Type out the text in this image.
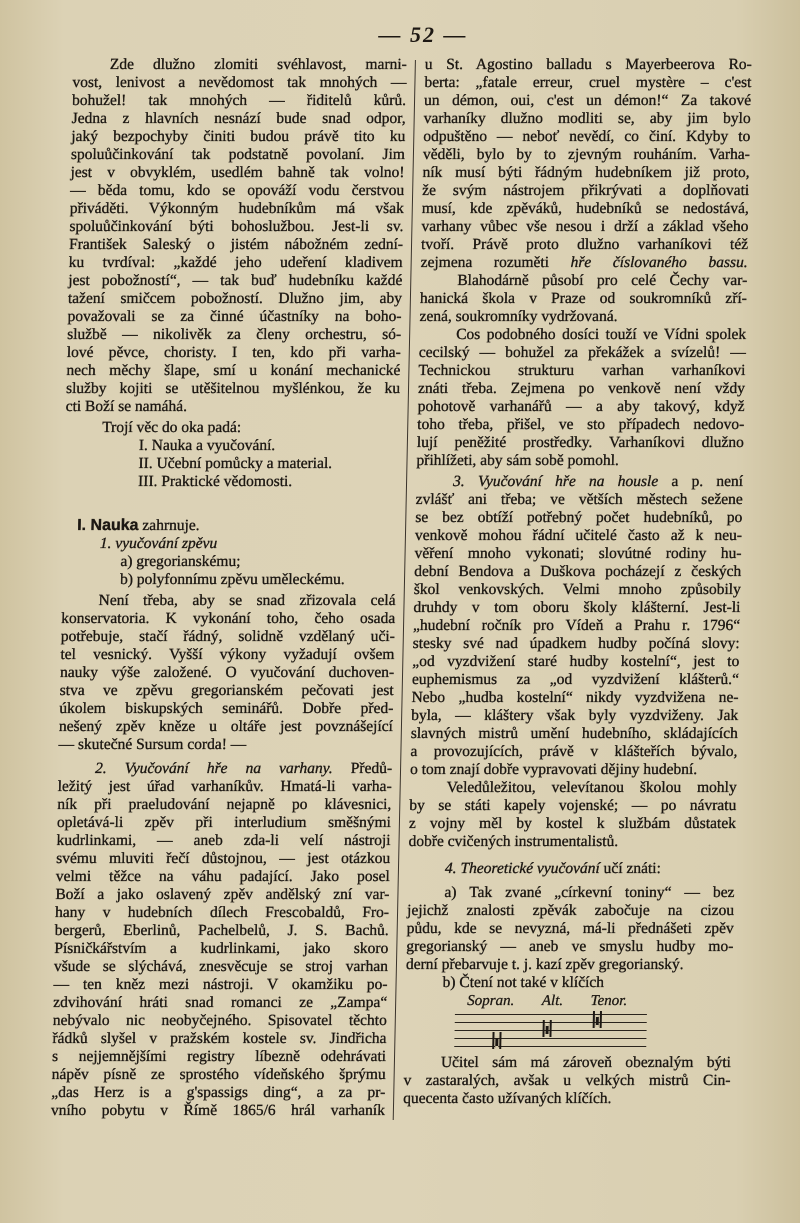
— 52 —
Zde dlužno zlomiti svéhlavost, marni-
vost, lenivost a nevědomost tak mnohých —
bohužel! tak mnohých — řiditelů kůrů.
Jedna z hlavních nesnází bude snad odpor,
jaký bezpochyby činiti budou právě tito ku
spoluůčinkování tak podstatně povolaní. Jim
jest v obvyklém, usedlém bahně tak volno!
— běda tomu, kdo se opováží vodu čerstvou
přiváděti. Výkonným hudebníkům má však
spoluůčinkování býti bohoslužbou. Jest-li sv.
František Saleský o jistém nábožném zední-
ku tvrdíval: „každé jeho udeření kladivem
jest pobožností“, — tak buď hudebníku každé
tažení smičcem pobožností. Dlužno jim, aby
považovali se za činné účastníky na boho-
službě — nikolivěk za členy orchestru, só-
lové pěvce, choristy. I ten, kdo při varha-
nech měchy šlape, smí u konání mechanické
služby kojiti se utěšitelnou myšlénkou, že ku
cti Boží se namáhá.
Trojí věc do oka padá:
I. Nauka a vyučování.
II. Učební pomůcky a material.
III. Praktické vědomosti.
I. Nauka zahrnuje.
1. vyučování zpěvu
a) gregorianskému;
b) polyfonnímu zpěvu uměleckému.
Není třeba, aby se snad zřizovala celá
konservatoria. K vykonání toho, čeho osada
potřebuje, stačí řádný, solidně vzdělaný uči-
tel vesnický. Vyšší výkony vyžadují ovšem
nauky výše založené. O vyučování duchoven-
stva ve zpěvu gregorianském pečovati jest
úkolem biskupských seminářů. Dobře před-
nešený zpěv kněze u oltáře jest povznášející
— skutečné Sursum corda! —
2. Vyučování hře na varhany. Předů-
ležitý jest úřad varhaníkův. Hmatá-li varha-
ník při praeludování nejapně po klávesnici,
opletává-li zpěv při interludium směšnými
kudrlinkami, — aneb zda-li velí nástroji
svému mluviti řečí důstojnou, — jest otázkou
velmi těžce na váhu padající. Jako posel
Boží a jako oslavený zpěv andělský zní var-
hany v hudebních dílech Frescobaldů, Fro-
bergerů, Eberlinů, Pachelbelů, J. S. Bachů.
Písničkářstvím a kudrlinkami, jako skoro
všude se slýchává, znesvěcuje se stroj varhan
— ten kněz mezi nástroji. V okamžiku po-
zdvihování hráti snad romanci ze „Zampa“
nebývalo nic neobyčejného. Spisovatel těchto
řádků slyšel v pražském kostele sv. Jindřicha
s nejjemnějšími registry líbezně odehrávati
nápěv písně ze sprostého vídeňského šprýmu
„das Herz is a g'spassigs ding“, a za pr-
vního pobytu v Římě 1865/6 hrál varhaník
u St. Agostino balladu s Mayerbeerova Ro-
berta: „fatale erreur, cruel mystère – c'est
un démon, oui, c'est un démon!“ Za takové
varhaníky dlužno modliti se, aby jim bylo
odpuštěno — neboť nevědí, co činí. Kdyby to
věděli, bylo by to zjevným rouháním. Varha-
ník musí býti řádným hudebníkem již proto,
že svým nástrojem přikrývati a doplňovati
musí, kde zpěváků, hudebníků se nedostává,
varhany vůbec vše nesou i drží a základ všeho
tvoří. Právě proto dlužno varhaníkovi též
zejmena rozuměti hře číslovaného bassu.
Blahodárně působí pro celé Čechy var-
hanická škola v Praze od soukromníků zří-
zená, soukromníky vydržovaná.
Cos podobného dosíci touží ve Vídni spolek
cecilský — bohužel za překážek a svízelů! —
Technickou strukturu varhan varhaníkovi
znáti třeba. Zejmena po venkově není vždy
pohotově varhanářů — a aby takový, když
toho třeba, přišel, ve sto případech nedovo-
lují peněžité prostředky. Varhaníkovi dlužno
přihlížeti, aby sám sobě pomohl.
3. Vyučování hře na housle a p. není
zvlášť ani třeba; ve větších městech sežene
se bez obtíží potřebný počet hudebníků, po
venkově mohou řádní učitelé často až k neu-
věření mnoho vykonati; slovútné rodiny hu-
dební Bendova a Duškova pocházejí z českých
škol venkovských. Velmi mnoho způsobily
druhdy v tom oboru školy klášterní. Jest-li
„hudební ročník pro Vídeň a Prahu r. 1796“
stesky své nad úpadkem hudby počíná slovy:
„od vyzdvižení staré hudby kostelní“, jest to
euphemismus za „od vyzdvižení klášterů.“
Nebo „hudba kostelní“ nikdy vyzdvižena ne-
byla, — kláštery však byly vyzdviženy. Jak
slavných mistrů umění hudebního, skládajících
a provozujících, právě v klášteřích bývalo,
o tom znají dobře vypravovati dějiny hudební.
Veledůležitou, velevítanou školou mohly
by se státi kapely vojenské; — po návratu
z vojny měl by kostel k službám důstatek
dobře cvičených instrumentalistů.
4. Theoretické vyučování učí znáti:
a) Tak zvané „církevní toniny“ — bez
jejichž znalosti zpěvák zabočuje na cizou
půdu, kde se nevyzná, má-li přednášeti zpěv
gregorianský — aneb ve smyslu hudby mo-
derní přebarvuje t. j. kazí zpěv gregorianský.
b) Čtení not také v klíčích
Sopran. Alt. Tenor.
Učitel sám má zároveň obeznalým býti
v zastaralých, avšak u velkých mistrů Cin-
quecenta často užívaných klíčích.
